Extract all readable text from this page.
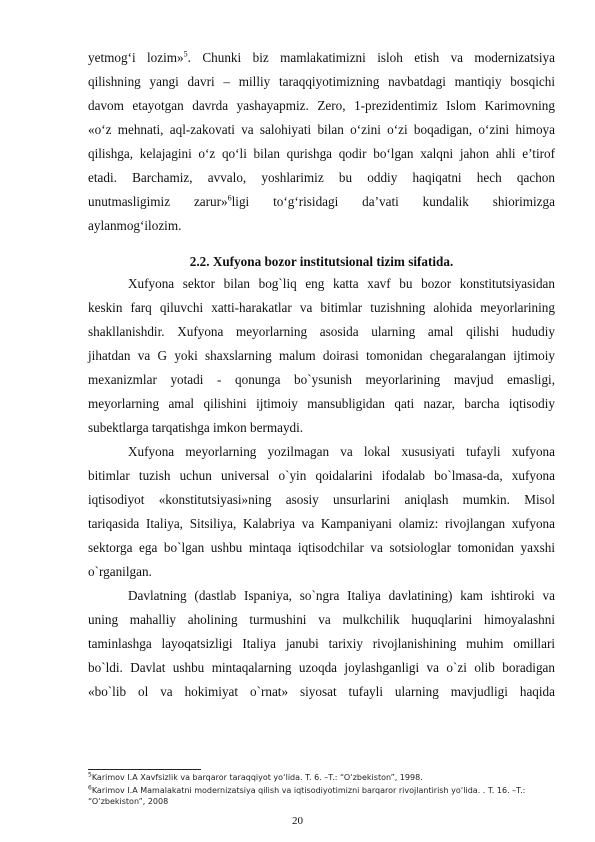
yetmog‘i lozim»$^5$. Chunki biz mamlakatimizni isloh etish va modernizatsiya
qilishning yangi davri – milliy taraqqiyotimizning navbatdagi mantiqiy bosqichi
davom etayotgan davrda yashayapmiz. Zero, 1-prezidentimiz Islom Karimovning
«o‘z mehnati, aql-zakovati va salohiyati bilan o‘zini o‘zi boqadigan, o‘zini himoya
qilishga, kelajagini o‘z qo‘li bilan qurishga qodir bo‘lgan xalqni jahon ahli e’tirof
etadi. Barchamiz, avvalo, yoshlarimiz bu oddiy haqiqatni hech qachon
unutmasligimiz zarur»$^6$ligi to‘g‘risidagi da’vati kundalik shiorimizga
aylanmog‘ilozim.
2.2. Xufyona bozor institutsional tizim sifatida.
Xufyona sektor bilan bog`liq eng katta xavf bu bozor konstitutsiyasidan
keskin farq qiluvchi xatti-harakatlar va bitimlar tuzishning alohida meyorlarining
shakllanishdir. Xufyona meyorlarning asosida ularning amal qilishi hududiy
jihatdan va G yoki shaxslarning malum doirasi tomonidan chegaralangan ijtimoiy
mexanizmlar yotadi - qonunga bo`ysunish meyorlarining mavjud emasligi,
meyorlarning amal qilishini ijtimoiy mansubligidan qati nazar, barcha iqtisodiy
subektlarga tarqatishga imkon bermaydi.
Xufyona meyorlarning yozilmagan va lokal xususiyati tufayli xufyona
bitimlar tuzish uchun universal o`yin qoidalarini ifodalab bo`lmasa-da, xufyona
iqtisodiyot «konstitutsiyasi»ning asosiy unsurlarini aniqlash mumkin. Misol
tariqasida Italiya, Sitsiliya, Kalabriya va Kampaniyani olamiz: rivojlangan xufyona
sektorga ega bo`lgan ushbu mintaqa iqtisodchilar va sotsiologlar tomonidan yaxshi
o`rganilgan.
Davlatning (dastlab Ispaniya, so`ngra Italiya davlatining) kam ishtiroki va
uning mahalliy aholining turmushini va mulkchilik huquqlarini himoyalashni
taminlashga layoqatsizligi Italiya janubi tarixiy rivojlanishining muhim omillari
bo`ldi. Davlat ushbu mintaqalarning uzoqda joylashganligi va o`zi olib boradigan
«bo`lib ol va hokimiyat o`rnat» siyosat tufayli ularning mavjudligi haqida
$^5$Karimov I.A Xavfsizlik va barqaror taraqqiyot yo‘lida. T. 6. –T.: “O‘zbekiston”, 1998.
$^6$Karimov I.A Mamalakatni modernizatsiya qilish va iqtisodiyotimizni barqaror rivojlantirish yo‘lida. . T. 16. –T.:
“O‘zbekiston”, 2008
20
